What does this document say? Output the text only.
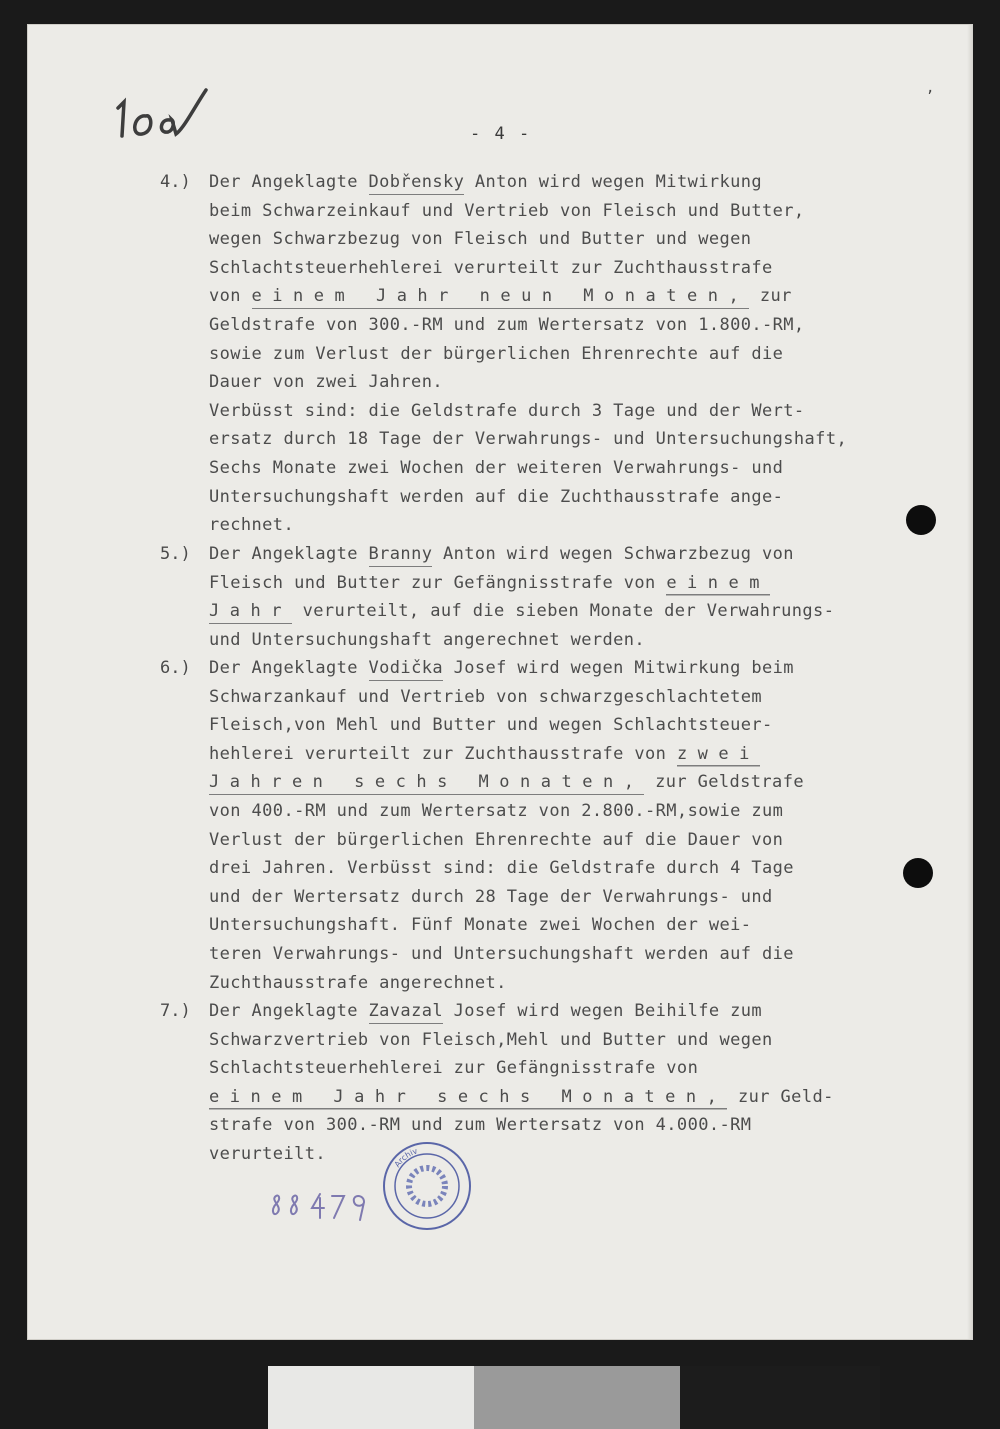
- 4 -
,
4.) Der Angeklagte Dobřensky Anton wird wegen Mitwirkung
beim Schwarzeinkauf und Vertrieb von Fleisch und Butter,
wegen Schwarzbezug von Fleisch und Butter und wegen
Schlachtsteuerhehlerei verurteilt zur Zuchthausstrafe
von einem Jahr neun Monaten, zur
Geldstrafe von 300.-RM und zum Wertersatz von 1.800.-RM,
sowie zum Verlust der bürgerlichen Ehrenrechte auf die
Dauer von zwei Jahren.
Verbüsst sind: die Geldstrafe durch 3 Tage und der Wert-
ersatz durch 18 Tage der Verwahrungs- und Untersuchungshaft,
Sechs Monate zwei Wochen der weiteren Verwahrungs- und
Untersuchungshaft werden auf die Zuchthausstrafe ange-
rechnet.
5.) Der Angeklagte Branny Anton wird wegen Schwarzbezug von
Fleisch und Butter zur Gefängnisstrafe von einem
Jahr verurteilt, auf die sieben Monate der Verwahrungs-
und Untersuchungshaft angerechnet werden.
6.) Der Angeklagte Vodička Josef wird wegen Mitwirkung beim
Schwarzankauf und Vertrieb von schwarzgeschlachtetem
Fleisch,von Mehl und Butter und wegen Schlachtsteuer-
hehlerei verurteilt zur Zuchthausstrafe von zwei
Jahren sechs Monaten, zur Geldstrafe
von 400.-RM und zum Wertersatz von 2.800.-RM,sowie zum
Verlust der bürgerlichen Ehrenrechte auf die Dauer von
drei Jahren. Verbüsst sind: die Geldstrafe durch 4 Tage
und der Wertersatz durch 28 Tage der Verwahrungs- und
Untersuchungshaft. Fünf Monate zwei Wochen der wei-
teren Verwahrungs- und Untersuchungshaft werden auf die
Zuchthausstrafe angerechnet.
7.) Der Angeklagte Zavazal Josef wird wegen Beihilfe zum
Schwarzvertrieb von Fleisch,Mehl und Butter und wegen
Schlachtsteuerhehlerei zur Gefängnisstrafe von
einem Jahr sechs Monaten, zur Geld-
strafe von 300.-RM und zum Wertersatz von 4.000.-RM
verurteilt.
Archiv
